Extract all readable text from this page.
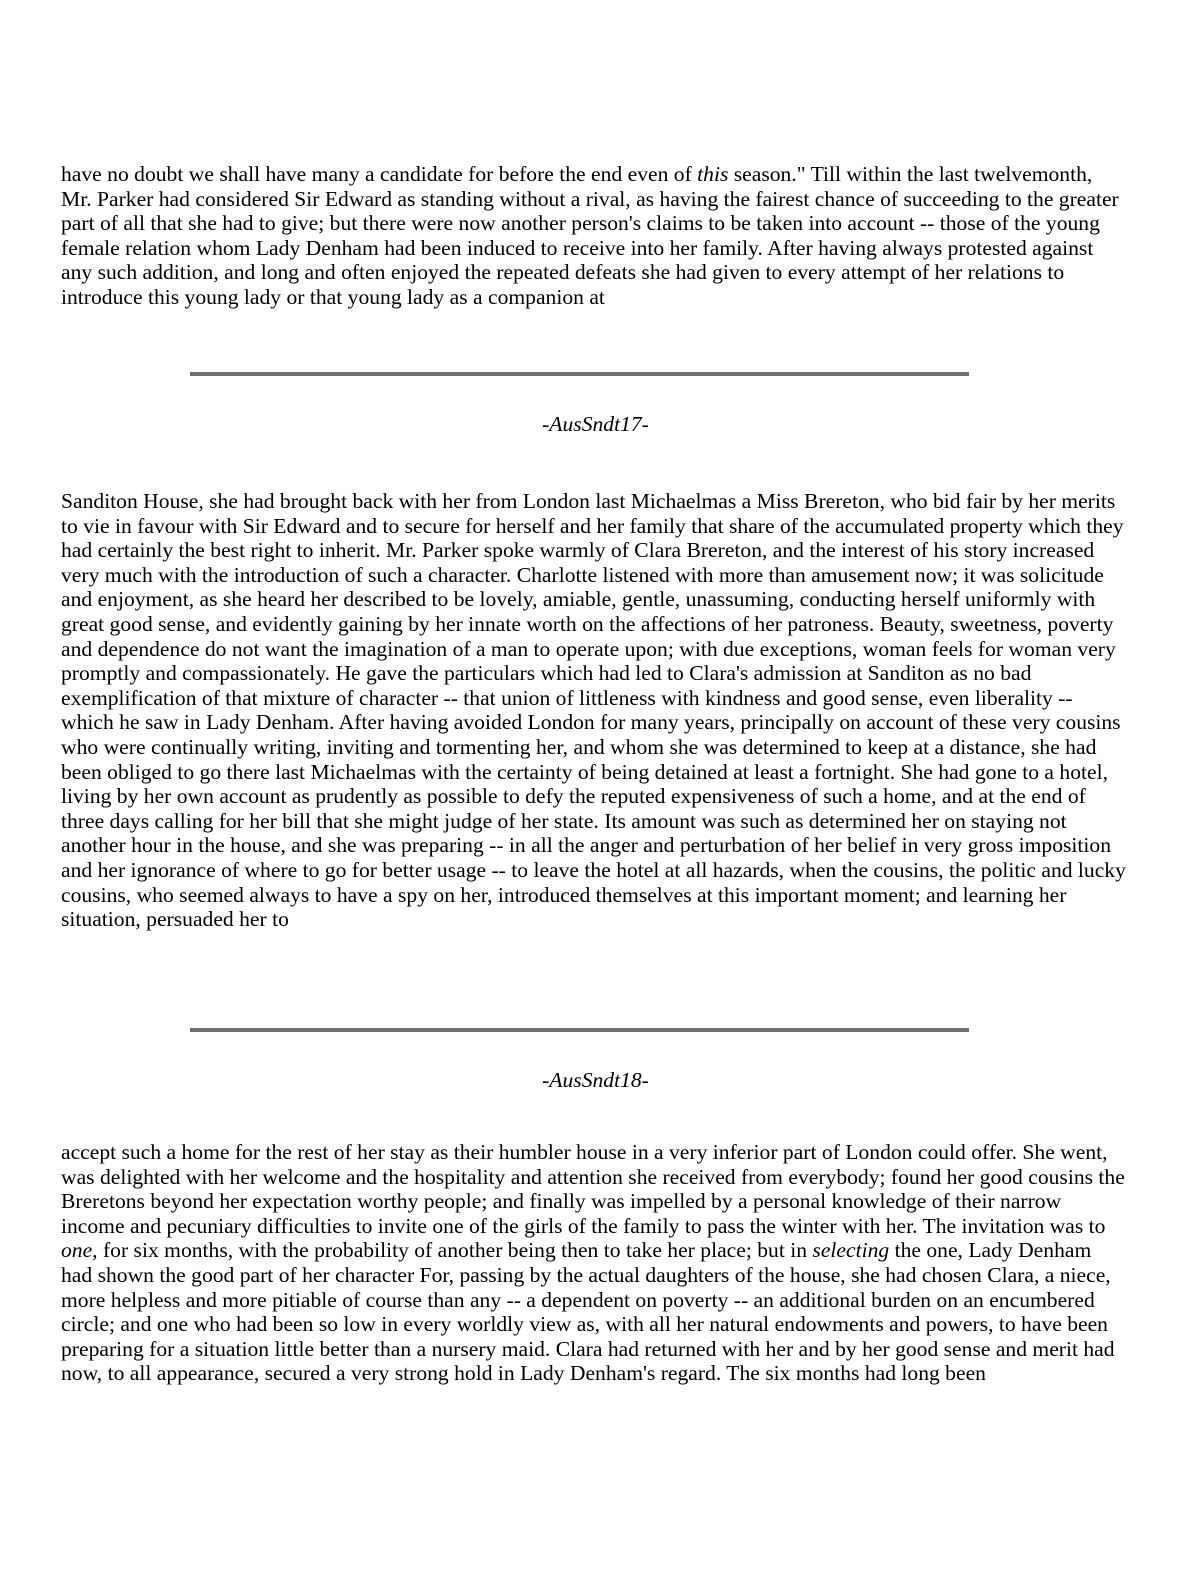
have no doubt we shall have many a candidate for before the end even of this season." Till within the last twelvemonth, Mr. Parker had considered Sir Edward as standing without a rival, as having the fairest chance of succeeding to the greater part of all that she had to give; but there were now another person's claims to be taken into account -- those of the young female relation whom Lady Denham had been induced to receive into her family. After having always protested against any such addition, and long and often enjoyed the repeated defeats she had given to every attempt of her relations to introduce this young lady or that young lady as a companion at

-AusSndt17-

Sanditon House, she had brought back with her from London last Michaelmas a Miss Brereton, who bid fair by her merits to vie in favour with Sir Edward and to secure for herself and her family that share of the accumulated property which they had certainly the best right to inherit. Mr. Parker spoke warmly of Clara Brereton, and the interest of his story increased very much with the introduction of such a character. Charlotte listened with more than amusement now; it was solicitude and enjoyment, as she heard her described to be lovely, amiable, gentle, unassuming, conducting herself uniformly with great good sense, and evidently gaining by her innate worth on the affections of her patroness. Beauty, sweetness, poverty and dependence do not want the imagination of a man to operate upon; with due exceptions, woman feels for woman very promptly and compassionately. He gave the particulars which had led to Clara's admission at Sanditon as no bad exemplification of that mixture of character -- that union of littleness with kindness and good sense, even liberality -- which he saw in Lady Denham. After having avoided London for many years, principally on account of these very cousins who were continually writing, inviting and tormenting her, and whom she was determined to keep at a distance, she had been obliged to go there last Michaelmas with the certainty of being detained at least a fortnight. She had gone to a hotel, living by her own account as prudently as possible to defy the reputed expensiveness of such a home, and at the end of three days calling for her bill that she might judge of her state. Its amount was such as determined her on staying not another hour in the house, and she was preparing -- in all the anger and perturbation of her belief in very gross imposition and her ignorance of where to go for better usage -- to leave the hotel at all hazards, when the cousins, the politic and lucky cousins, who seemed always to have a spy on her, introduced themselves at this important moment; and learning her situation, persuaded her to

-AusSndt18-

accept such a home for the rest of her stay as their humbler house in a very inferior part of London could offer. She went, was delighted with her welcome and the hospitality and attention she received from everybody; found her good cousins the Breretons beyond her expectation worthy people; and finally was impelled by a personal knowledge of their narrow income and pecuniary difficulties to invite one of the girls of the family to pass the winter with her. The invitation was to one, for six months, with the probability of another being then to take her place; but in selecting the one, Lady Denham had shown the good part of her character For, passing by the actual daughters of the house, she had chosen Clara, a niece, more helpless and more pitiable of course than any -- a dependent on poverty -- an additional burden on an encumbered circle; and one who had been so low in every worldly view as, with all her natural endowments and powers, to have been preparing for a situation little better than a nursery maid. Clara had returned with her and by her good sense and merit had now, to all appearance, secured a very strong hold in Lady Denham's regard. The six months had long been
